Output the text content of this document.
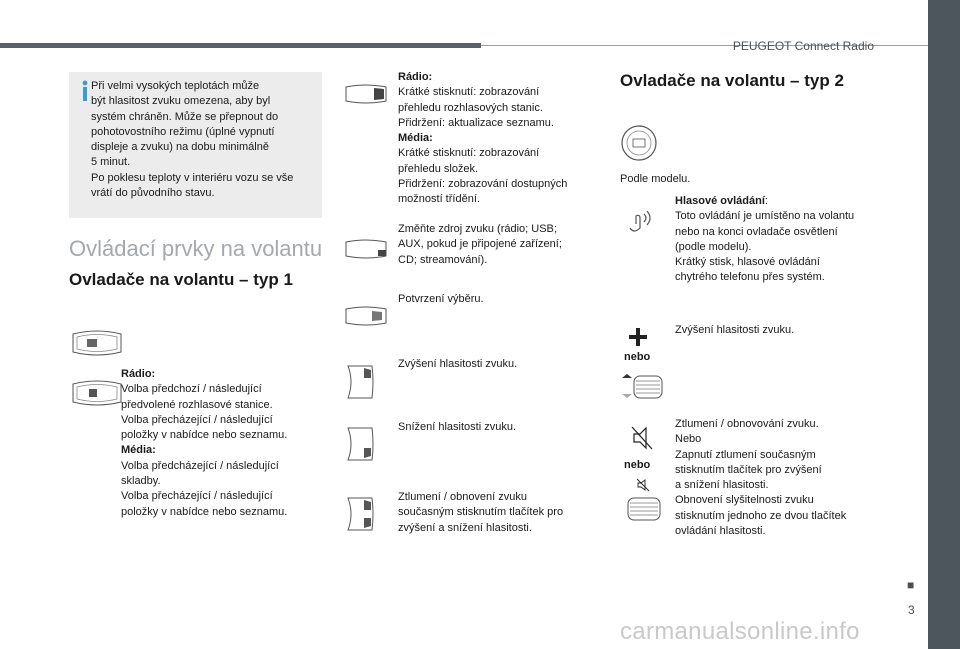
PEUGEOT Connect Radio
■
3
carmanualsonline.info
Při velmi vysokých teplotách může
být hlasitost zvuku omezena, aby byl
systém chráněn. Může se přepnout do
pohotovostního režimu (úplné vypnutí
displeje a zvuku) na dobu minimálně
5 minut.
Po poklesu teploty v interiéru vozu se vše
vrátí do původního stavu.
Ovládací prvky na volantu
Ovladače na volantu – typ 1
Rádio:
Volba předchozí / následující
předvolené rozhlasové stanice.
Volba přecházející / následující
položky v nabídce nebo seznamu.
Média:
Volba předcházející / následující
skladby.
Volba přecházející / následující
položky v nabídce nebo seznamu.
Rádio:
Krátké stisknutí: zobrazování
přehledu rozhlasových stanic.
Přidržení: aktualizace seznamu.
Média:
Krátké stisknutí: zobrazování
přehledu složek.
Přidržení: zobrazování dostupných
možností třídění.
Změňte zdroj zvuku (rádio; USB;
AUX, pokud je připojené zařízení;
CD; streamování).
Potvrzení výběru.
Zvýšení hlasitosti zvuku.
Snížení hlasitosti zvuku.
Ztlumení / obnovení zvuku
současným stisknutím tlačítek pro
zvýšení a snížení hlasitosti.
Ovladače na volantu – typ 2
Podle modelu.
Hlasové ovládání:
Toto ovládání je umístěno na volantu
nebo na konci ovladače osvětlení
(podle modelu).
Krátký stisk, hlasové ovládání
chytrého telefonu přes systém.
nebo
Zvýšení hlasitosti zvuku.
nebo
Ztlumení / obnovování zvuku.
Nebo
Zapnutí ztlumení současným
stisknutím tlačítek pro zvýšení
a snížení hlasitosti.
Obnovení slyšitelnosti zvuku
stisknutím jednoho ze dvou tlačítek
ovládání hlasitosti.
